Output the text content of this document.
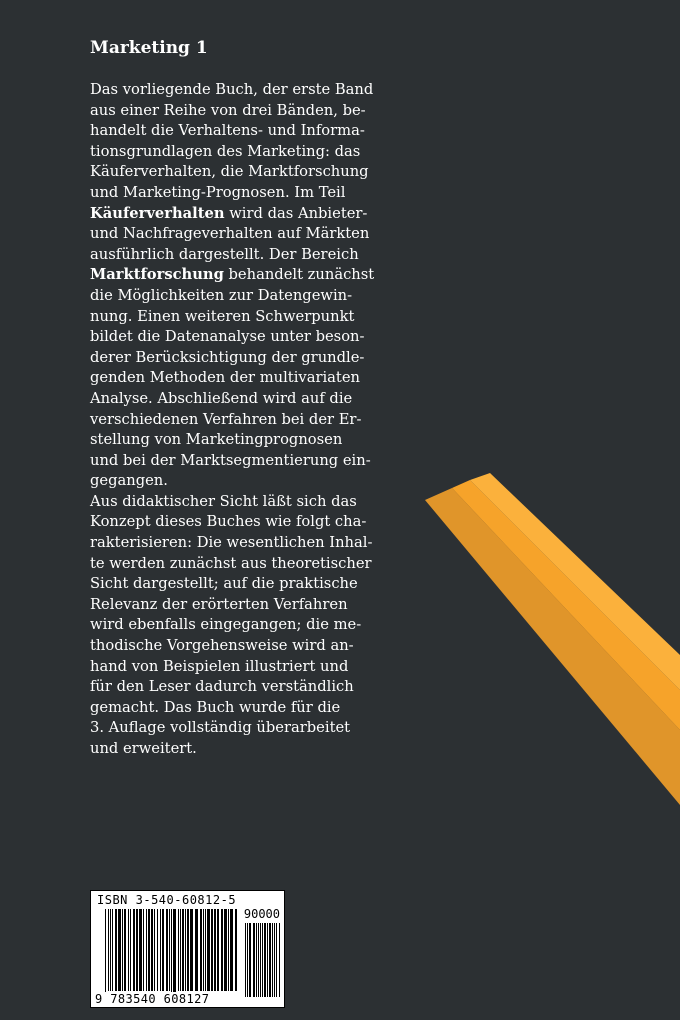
Marketing 1

Das vorliegende Buch, der erste Band
aus einer Reihe von drei Bänden, be-
handelt die Verhaltens- und Informa-
tionsgrundlagen des Marketing: das
Käuferverhalten, die Marktforschung
und Marketing-Prognosen. Im Teil
Käuferverhalten wird das Anbieter-
und Nachfrageverhalten auf Märkten
ausführlich dargestellt. Der Bereich
Marktforschung behandelt zunächst
die Möglichkeiten zur Datengewin-
nung. Einen weiteren Schwerpunkt
bildet die Datenanalyse unter beson-
derer Berücksichtigung der grundle-
genden Methoden der multivariaten
Analyse. Abschließend wird auf die
verschiedenen Verfahren bei der Er-
stellung von Marketingprognosen
und bei der Marktsegmentierung ein-
gegangen.
Aus didaktischer Sicht läßt sich das
Konzept dieses Buches wie folgt cha-
rakterisieren: Die wesentlichen Inhal-
te werden zunächst aus theoretischer
Sicht dargestellt; auf die praktische
Relevanz der erörterten Verfahren
wird ebenfalls eingegangen; die me-
thodische Vorgehensweise wird an-
hand von Beispielen illustriert und
für den Leser dadurch verständlich
gemacht. Das Buch wurde für die
3. Auflage vollständig überarbeitet
und erweitert.

ISBN 3-540-60812-5
90000
9 783540 608127
